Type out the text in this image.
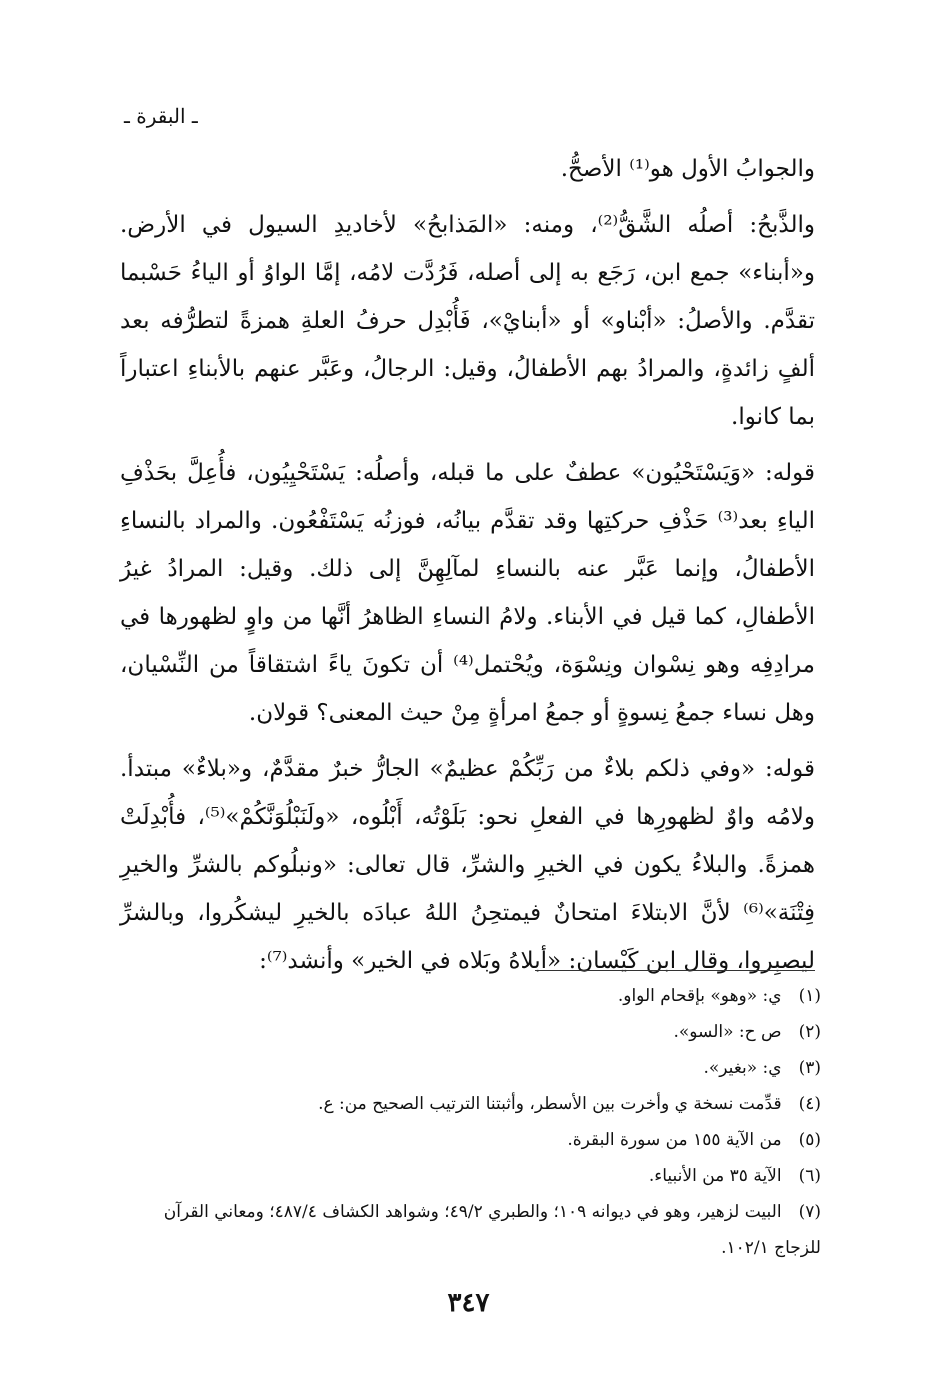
ـ البقرة ـ

والجوابُ الأول هو⁽¹⁾ الأصحُّ.

والذَّبحُ: أصلُه الشَّقُّ⁽²⁾، ومنه: «المَذابحُ» لأخاديدِ السيول في الأرض. و«أبناء» جمع ابن، رَجَع به إلى أصله، فَرُدَّت لامُه، إمَّا الواوُ أو الياءُ حَسْبما تقدَّم. والأصلُ: «أبْناو» أو «أبنايْ»، فَأُبْدِل حرفُ العلةِ همزةً لتطرُّفه بعد ألفٍ زائدةٍ، والمرادُ بهم الأطفالُ، وقيل: الرجالُ، وعَبَّر عنهم بالأبناءِ اعتباراً بما كانوا.

قوله: «وَيَسْتَحْيُون» عطفٌ على ما قبله، وأصلُه: يَسْتَحْيِيُون، فأُعِلَّ بحَذْفِ الياءِ بعد⁽³⁾ حَذْفِ حركتِها وقد تقدَّم بيانُه، فوزنُه يَسْتَفْعُون. والمراد بالنساءِ الأطفالُ، وإنما عَبَّر عنه بالنساءِ لمآلِهِنَّ إلى ذلك. وقيل: المرادُ غيرُ الأطفالِ، كما قيل في الأبناء. ولامُ النساءِ الظاهرُ أنَّها من واوٍ لظهورها في مرادِفِه وهو نِسْوان ونِسْوَة، ويُحْتمل⁽⁴⁾ أن تكونَ ياءً اشتقاقاً من النِّسْيان، وهل نساء جمعُ نِسوةٍ أو جمعُ امرأةٍ مِنْ حيث المعنى؟ قولان.

قوله: «وفي ذلكم بلاءٌ من رَبِّكُمْ عظيمٌ» الجارُّ خبرٌ مقدَّمٌ، و«بلاءٌ» مبتدأ. ولامُه واوٌ لظهورِها في الفعلِ نحو: بَلَوْتُه، أَبْلُوه، «ولَنَبْلُوَنَّكُمْ»⁽⁵⁾، فأُبْدِلَتْ همزةً. والبلاءُ يكون في الخيرِ والشرِّ، قال تعالى: «ونبلُوكم بالشرِّ والخيرِ فِتْنَة»⁽⁶⁾ لأنَّ الابتلاءَ امتحانٌ فيمتحِنُ اللهُ عبادَه بالخيرِ ليشكُروا، وبالشرِّ ليصبِروا، وقال ابن كَيْسان: «أبلاهُ وبَلاه في الخير» وأنشد⁽⁷⁾:

(١) ي: «وهو» بإقحام الواو.
(٢) ص ح: «السو».
(٣) ي: «بغير».
(٤) قدِّمت نسخة ي وأخرت بين الأسطر، وأثبتنا الترتيب الصحيح من: ع.
(٥) من الآية ١٥٥ من سورة البقرة.
(٦) الآية ٣٥ من الأنبياء.
(٧) البيت لزهير، وهو في ديوانه ١٠٩؛ والطبري ٤٩/٢؛ وشواهد الكشاف ٤٨٧/٤؛ ومعاني القرآن للزجاج ١٠٢/١.
٣٤٧
